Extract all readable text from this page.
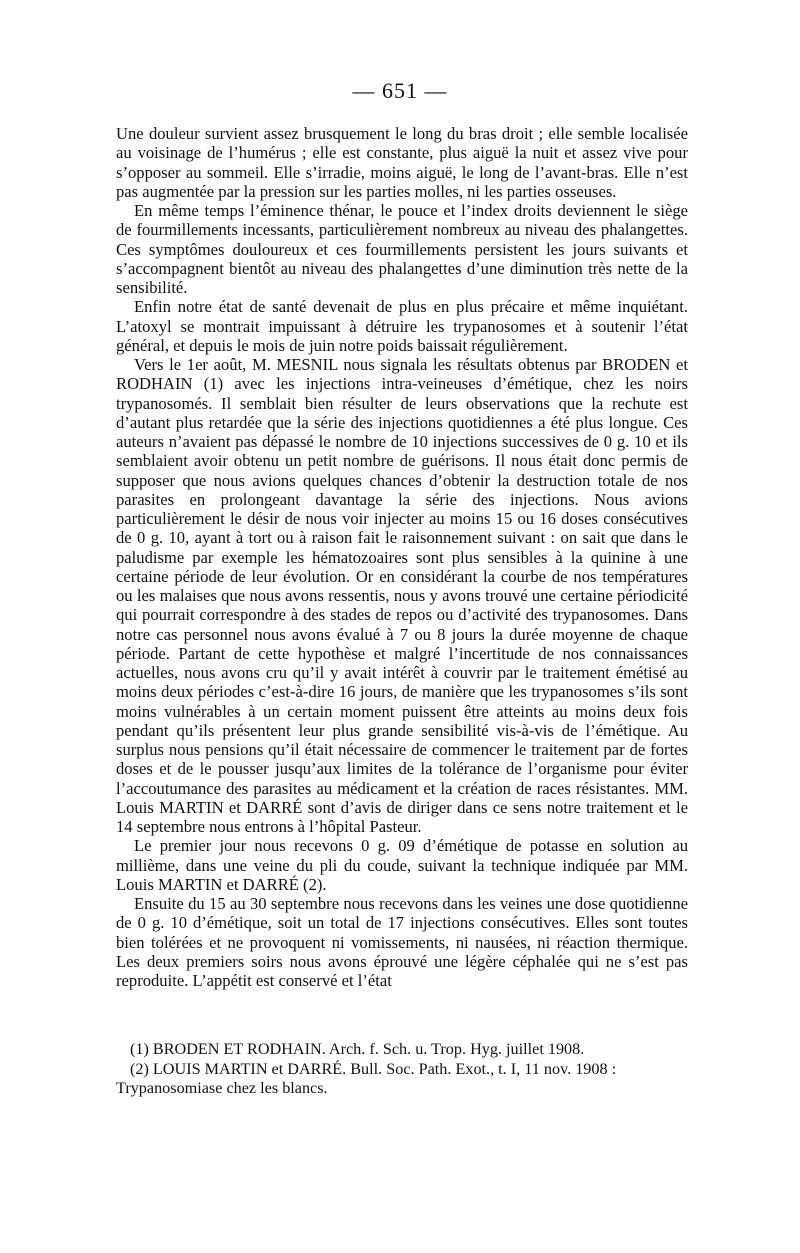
— 651 —

Une douleur survient assez brusquement le long du bras droit ; elle semble localisée au voisinage de l’humérus ; elle est constante, plus aiguë la nuit et assez vive pour s’opposer au sommeil. Elle s’irradie, moins aiguë, le long de l’avant-bras. Elle n’est pas augmentée par la pression sur les parties molles, ni les parties osseuses.

En même temps l’éminence thénar, le pouce et l’index droits deviennent le siège de fourmillements incessants, particulièrement nombreux au niveau des phalangettes. Ces symptômes douloureux et ces fourmillements persistent les jours suivants et s’accompagnent bientôt au niveau des phalangettes d’une diminution très nette de la sensibilité.

Enfin notre état de santé devenait de plus en plus précaire et même inquiétant. L’atoxyl se montrait impuissant à détruire les trypanosomes et à soutenir l’état général, et depuis le mois de juin notre poids baissait régulièrement.

Vers le 1er août, M. MESNIL nous signala les résultats obtenus par BRODEN et RODHAIN (1) avec les injections intra-veineuses d’émétique, chez les noirs trypanosomés. Il semblait bien résulter de leurs observations que la rechute est d’autant plus retardée que la série des injections quotidiennes a été plus longue. Ces auteurs n’avaient pas dépassé le nombre de 10 injections successives de 0 g. 10 et ils semblaient avoir obtenu un petit nombre de guérisons. Il nous était donc permis de supposer que nous avions quelques chances d’obtenir la destruction totale de nos parasites en prolongeant davantage la série des injections. Nous avions particulièrement le désir de nous voir injecter au moins 15 ou 16 doses consécutives de 0 g. 10, ayant à tort ou à raison fait le raisonnement suivant : on sait que dans le paludisme par exemple les hématozoaires sont plus sensibles à la quinine à une certaine période de leur évolution. Or en considérant la courbe de nos températures ou les malaises que nous avons ressentis, nous y avons trouvé une certaine périodicité qui pourrait correspondre à des stades de repos ou d’activité des trypanosomes. Dans notre cas personnel nous avons évalué à 7 ou 8 jours la durée moyenne de chaque période. Partant de cette hypothèse et malgré l’incertitude de nos connaissances actuelles, nous avons cru qu’il y avait intérêt à couvrir par le traitement émétisé au moins deux périodes c’est-à-dire 16 jours, de manière que les trypanosomes s’ils sont moins vulnérables à un certain moment puissent être atteints au moins deux fois pendant qu’ils présentent leur plus grande sensibilité vis-à-vis de l’émétique. Au surplus nous pensions qu’il était nécessaire de commencer le traitement par de fortes doses et de le pousser jusqu’aux limites de la tolérance de l’organisme pour éviter l’accoutumance des parasites au médicament et la création de races résistantes. MM. Louis MARTIN et DARRÉ sont d’avis de diriger dans ce sens notre traitement et le 14 septembre nous entrons à l’hôpital Pasteur.

Le premier jour nous recevons 0 g. 09 d’émétique de potasse en solution au millième, dans une veine du pli du coude, suivant la technique indiquée par MM. Louis MARTIN et DARRÉ (2).

Ensuite du 15 au 30 septembre nous recevons dans les veines une dose quotidienne de 0 g. 10 d’émétique, soit un total de 17 injections consécutives. Elles sont toutes bien tolérées et ne provoquent ni vomissements, ni nausées, ni réaction thermique. Les deux premiers soirs nous avons éprouvé une légère céphalée qui ne s’est pas reproduite. L’appétit est conservé et l’état

(1) BRODEN ET RODHAIN. Arch. f. Sch. u. Trop. Hyg. juillet 1908.

(2) LOUIS MARTIN et DARRÉ. Bull. Soc. Path. Exot., t. I, 11 nov. 1908 : Trypanosomiase chez les blancs.
